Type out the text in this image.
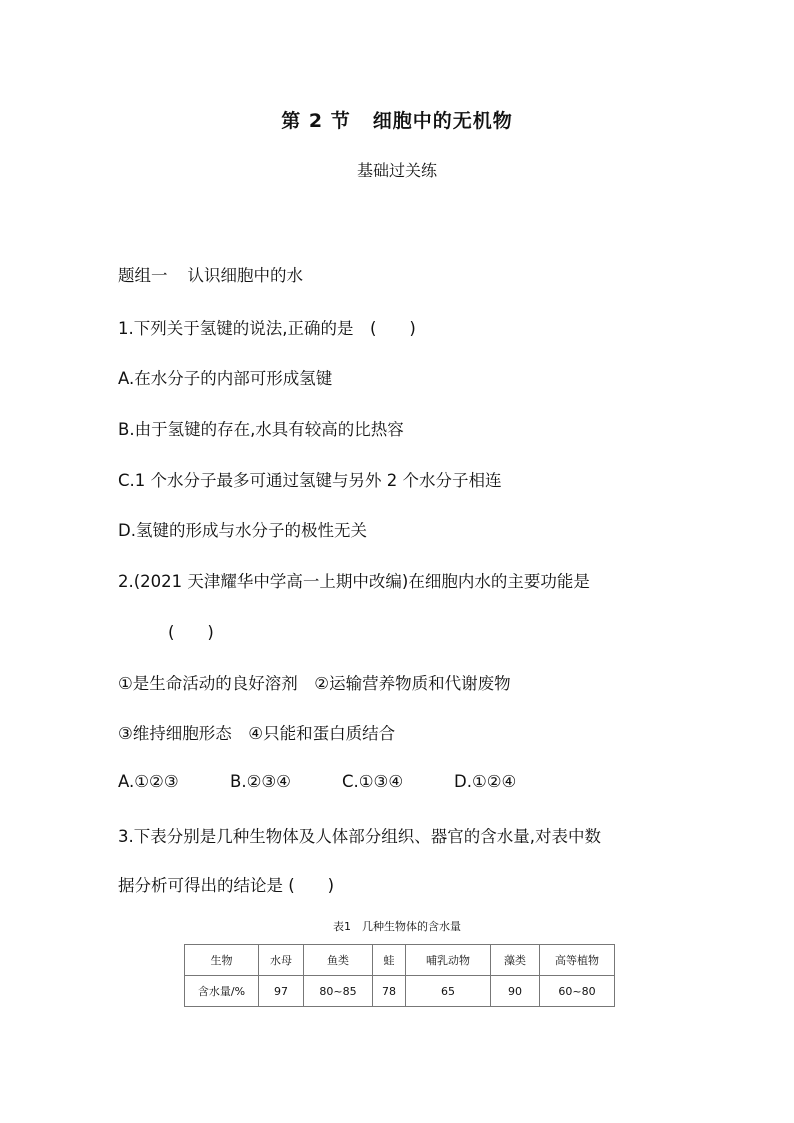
第 2 节 细胞中的无机物
基础过关练
题组一 认识细胞中的水
1.下列关于氢键的说法,正确的是　(　　)
A.在水分子的内部可形成氢键
B.由于氢键的存在,水具有较高的比热容
C.1 个水分子最多可通过氢键与另外 2 个水分子相连
D.氢键的形成与水分子的极性无关
2.(2021 天津耀华中学高一上期中改编)在细胞内水的主要功能是
(　　)
①是生命活动的良好溶剂　②运输营养物质和代谢废物
③维持细胞形态　④只能和蛋白质结合
A.①②③	B.②③④	C.①③④	D.①②④
3.下表分别是几种生物体及人体部分组织、器官的含水量,对表中数
据分析可得出的结论是 (　　)
表1　几种生物体的含水量
生物	水母	鱼类	蛙	哺乳动物	藻类	高等植物
含水量/%	97	80~85	78	65	90	60~80
